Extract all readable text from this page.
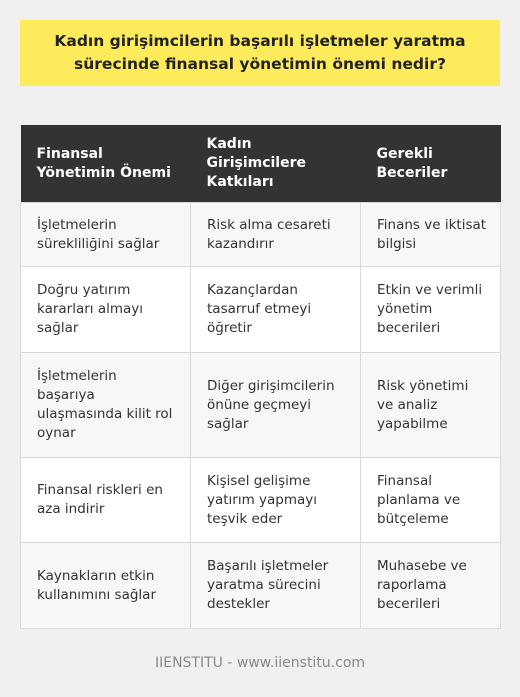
Kadın girişimcilerin başarılı işletmeler yaratma sürecinde finansal yönetimin önemi nedir?
Finansal Yönetimin Önemi	Kadın Girişimcilere Katkıları	Gerekli Beceriler
İşletmelerin sürekliliğini sağlar	Risk alma cesareti kazandırır	Finans ve iktisat bilgisi
Doğru yatırım kararları almayı sağlar	Kazançlardan tasarruf etmeyi öğretir	Etkin ve verimli yönetim becerileri
İşletmelerin başarıya ulaşmasında kilit rol oynar	Diğer girişimcilerin önüne geçmeyi sağlar	Risk yönetimi ve analiz yapabilme
Finansal riskleri en aza indirir	Kişisel gelişime yatırım yapmayı teşvik eder	Finansal planlama ve bütçeleme
Kaynakların etkin kullanımını sağlar	Başarılı işletmeler yaratma sürecini destekler	Muhasebe ve raporlama becerileri
IIENSTITU - www.iienstitu.com
